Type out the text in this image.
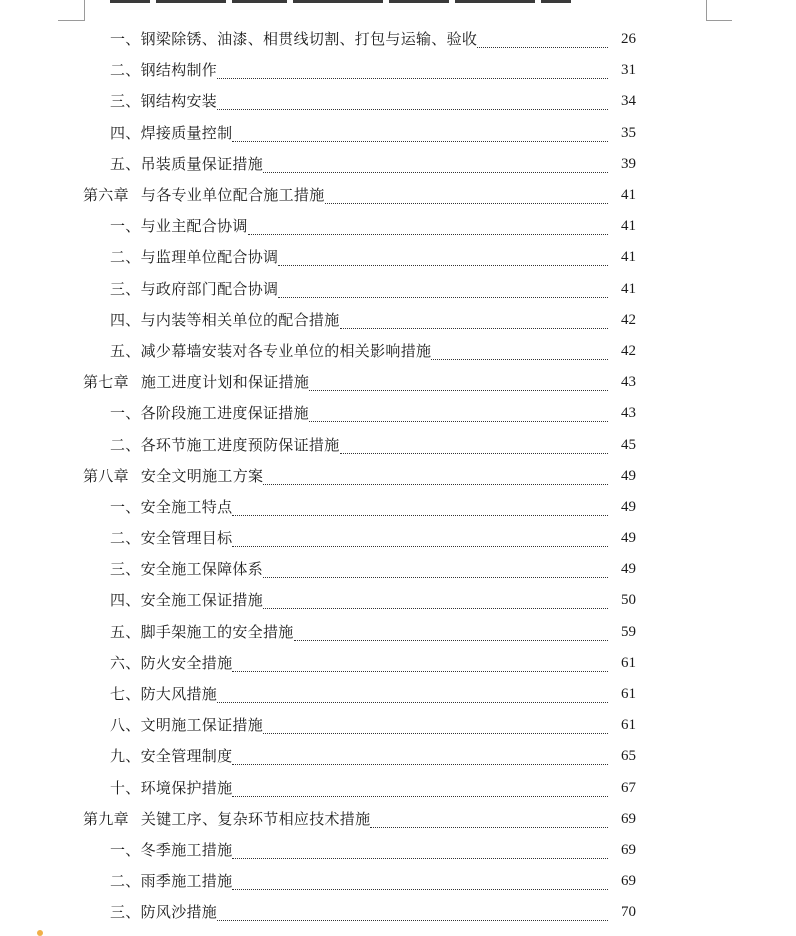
一、钢梁除锈、油漆、相贯线切割、打包与运输、验收	26
二、钢结构制作	31
三、钢结构安装	34
四、焊接质量控制	35
五、吊装质量保证措施	39
第六章 与各专业单位配合施工措施	41
一、与业主配合协调	41
二、与监理单位配合协调	41
三、与政府部门配合协调	41
四、与内装等相关单位的配合措施	42
五、减少幕墙安装对各专业单位的相关影响措施	42
第七章 施工进度计划和保证措施	43
一、各阶段施工进度保证措施	43
二、各环节施工进度预防保证措施	45
第八章 安全文明施工方案	49
一、安全施工特点	49
二、安全管理目标	49
三、安全施工保障体系	49
四、安全施工保证措施	50
五、脚手架施工的安全措施	59
六、防火安全措施	61
七、防大风措施	61
八、文明施工保证措施	61
九、安全管理制度	65
十、环境保护措施	67
第九章 关键工序、复杂环节相应技术措施	69
一、冬季施工措施	69
二、雨季施工措施	69
三、防风沙措施	70
